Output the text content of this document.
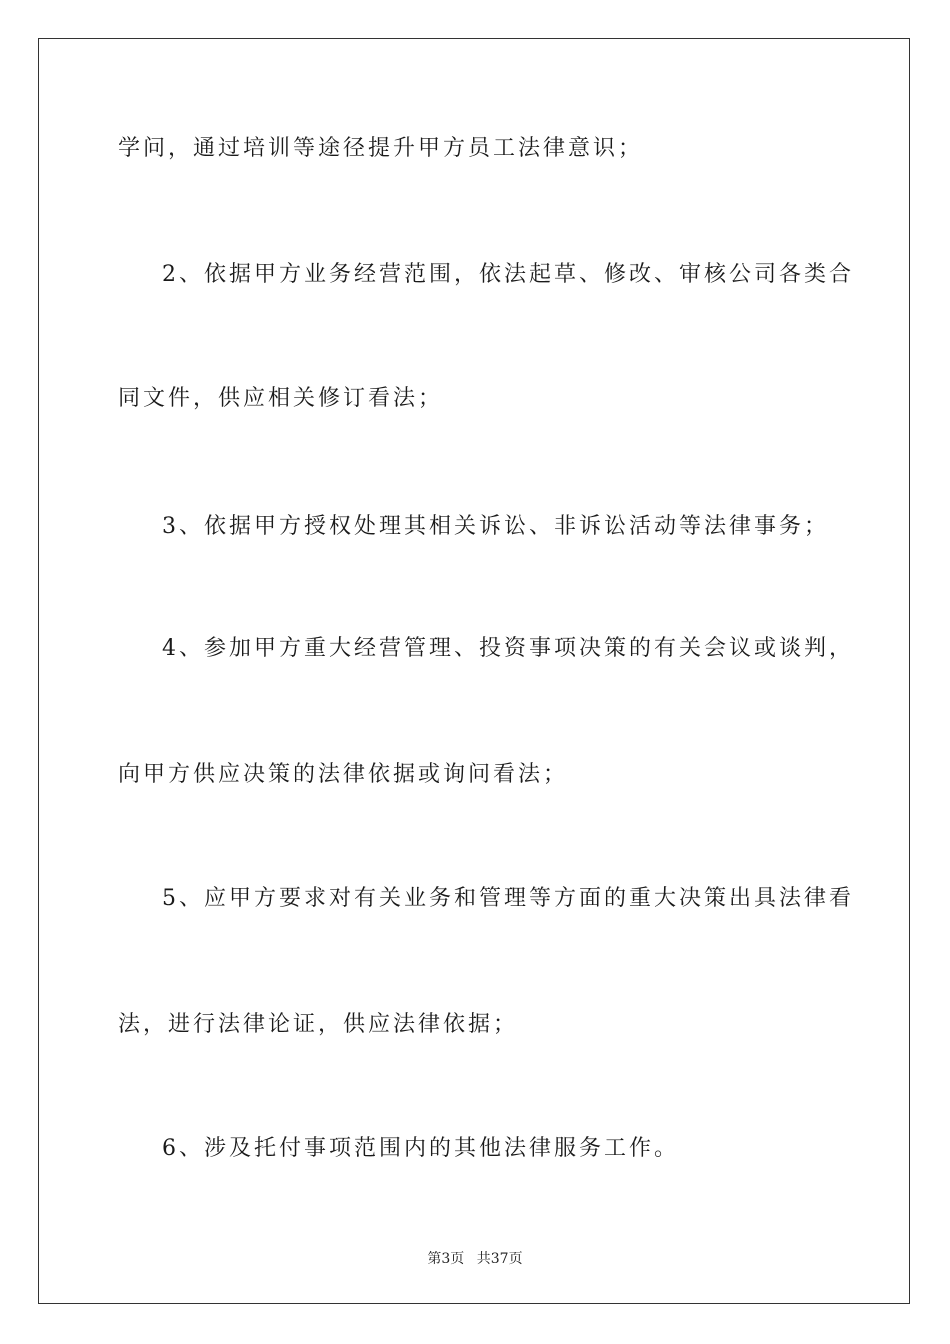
学问，通过培训等途径提升甲方员工法律意识；
2、依据甲方业务经营范围，依法起草、修改、审核公司各类合
同文件，供应相关修订看法；
3、依据甲方授权处理其相关诉讼、非诉讼活动等法律事务；
4、参加甲方重大经营管理、投资事项决策的有关会议或谈判，
向甲方供应决策的法律依据或询问看法；
5、应甲方要求对有关业务和管理等方面的重大决策出具法律看
法，进行法律论证，供应法律依据；
6、涉及托付事项范围内的其他法律服务工作。
第3页 共37页
